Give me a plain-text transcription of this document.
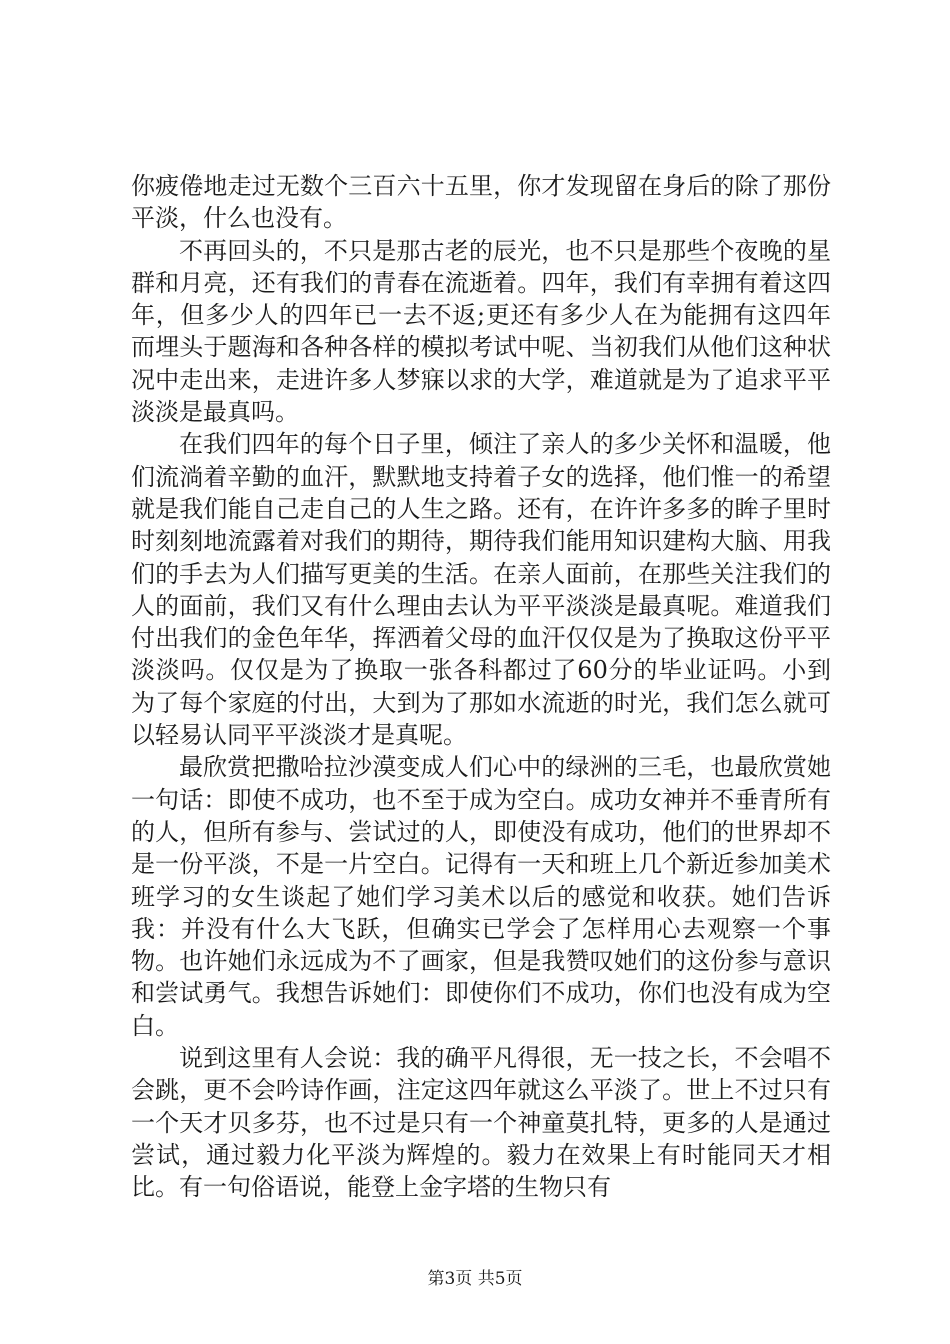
你疲倦地走过无数个三百六十五里，你才发现留在身后的除了那份平淡，什么也没有。

不再回头的，不只是那古老的辰光，也不只是那些个夜晚的星群和月亮，还有我们的青春在流逝着。四年，我们有幸拥有着这四年，但多少人的四年已一去不返;更还有多少人在为能拥有这四年而埋头于题海和各种各样的模拟考试中呢、当初我们从他们这种状况中走出来，走进许多人梦寐以求的大学，难道就是为了追求平平淡淡是最真吗。

在我们四年的每个日子里，倾注了亲人的多少关怀和温暖，他们流淌着辛勤的血汗，默默地支持着子女的选择，他们惟一的希望就是我们能自己走自己的人生之路。还有，在许许多多的眸子里时时刻刻地流露着对我们的期待，期待我们能用知识建构大脑、用我们的手去为人们描写更美的生活。在亲人面前，在那些关注我们的人的面前，我们又有什么理由去认为平平淡淡是最真呢。难道我们付出我们的金色年华，挥洒着父母的血汗仅仅是为了换取这份平平淡淡吗。仅仅是为了换取一张各科都过了60分的毕业证吗。小到为了每个家庭的付出，大到为了那如水流逝的时光，我们怎么就可以轻易认同平平淡淡才是真呢。

最欣赏把撒哈拉沙漠变成人们心中的绿洲的三毛，也最欣赏她一句话：即使不成功，也不至于成为空白。成功女神并不垂青所有的人，但所有参与、尝试过的人，即使没有成功，他们的世界却不是一份平淡，不是一片空白。记得有一天和班上几个新近参加美术班学习的女生谈起了她们学习美术以后的感觉和收获。她们告诉我：并没有什么大飞跃，但确实已学会了怎样用心去观察一个事物。也许她们永远成为不了画家，但是我赞叹她们的这份参与意识和尝试勇气。我想告诉她们：即使你们不成功，你们也没有成为空白。

说到这里有人会说：我的确平凡得很，无一技之长，不会唱不会跳，更不会吟诗作画，注定这四年就这么平淡了。世上不过只有一个天才贝多芬，也不过是只有一个神童莫扎特，更多的人是通过尝试，通过毅力化平淡为辉煌的。毅力在效果上有时能同天才相比。有一句俗语说，能登上金字塔的生物只有

第3页 共5页
